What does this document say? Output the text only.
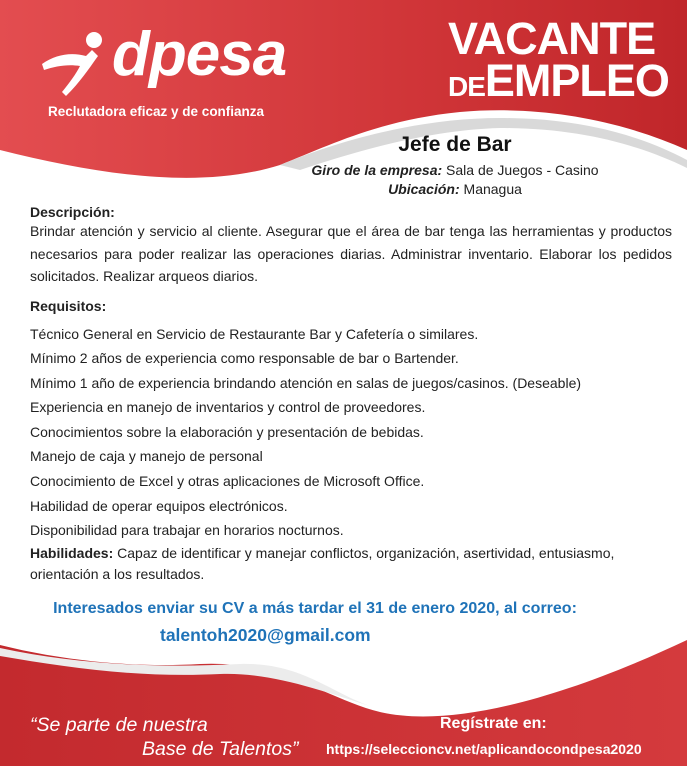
dpesa
Reclutadora eficaz y de confianza
VACANTE
DEEMPLEO
Jefe de Bar
Giro de la empresa: Sala de Juegos - Casino
Ubicación: Managua
Descripción:

Brindar atención y servicio al cliente. Asegurar que el área de bar tenga las herramientas y productos necesarios para poder realizar las operaciones diarias. Administrar inventario. Elaborar los pedidos solicitados. Realizar arqueos diarios.

Requisitos:
Técnico General en Servicio de Restaurante Bar y Cafetería o similares.
Mínimo 2 años de experiencia como responsable de bar o Bartender.
Mínimo 1 año de experiencia brindando atención en salas de juegos/casinos. (Deseable)
Experiencia en manejo de inventarios y control de proveedores.
Conocimientos sobre la elaboración y presentación de bebidas.
Manejo de caja y manejo de personal
Conocimiento de Excel y otras aplicaciones de Microsoft Office.
Habilidad de operar equipos electrónicos.
Disponibilidad para trabajar en horarios nocturnos.
Habilidades: Capaz de identificar y manejar conflictos, organización, asertividad, entusiasmo, orientación a los resultados.
Interesados enviar su CV a más tardar el 31 de enero 2020, al correo:
talentoh2020@gmail.com
“Se parte de nuestra
Base de Talentos”
Regístrate en:
https://seleccioncv.net/aplicandocondpesa2020
